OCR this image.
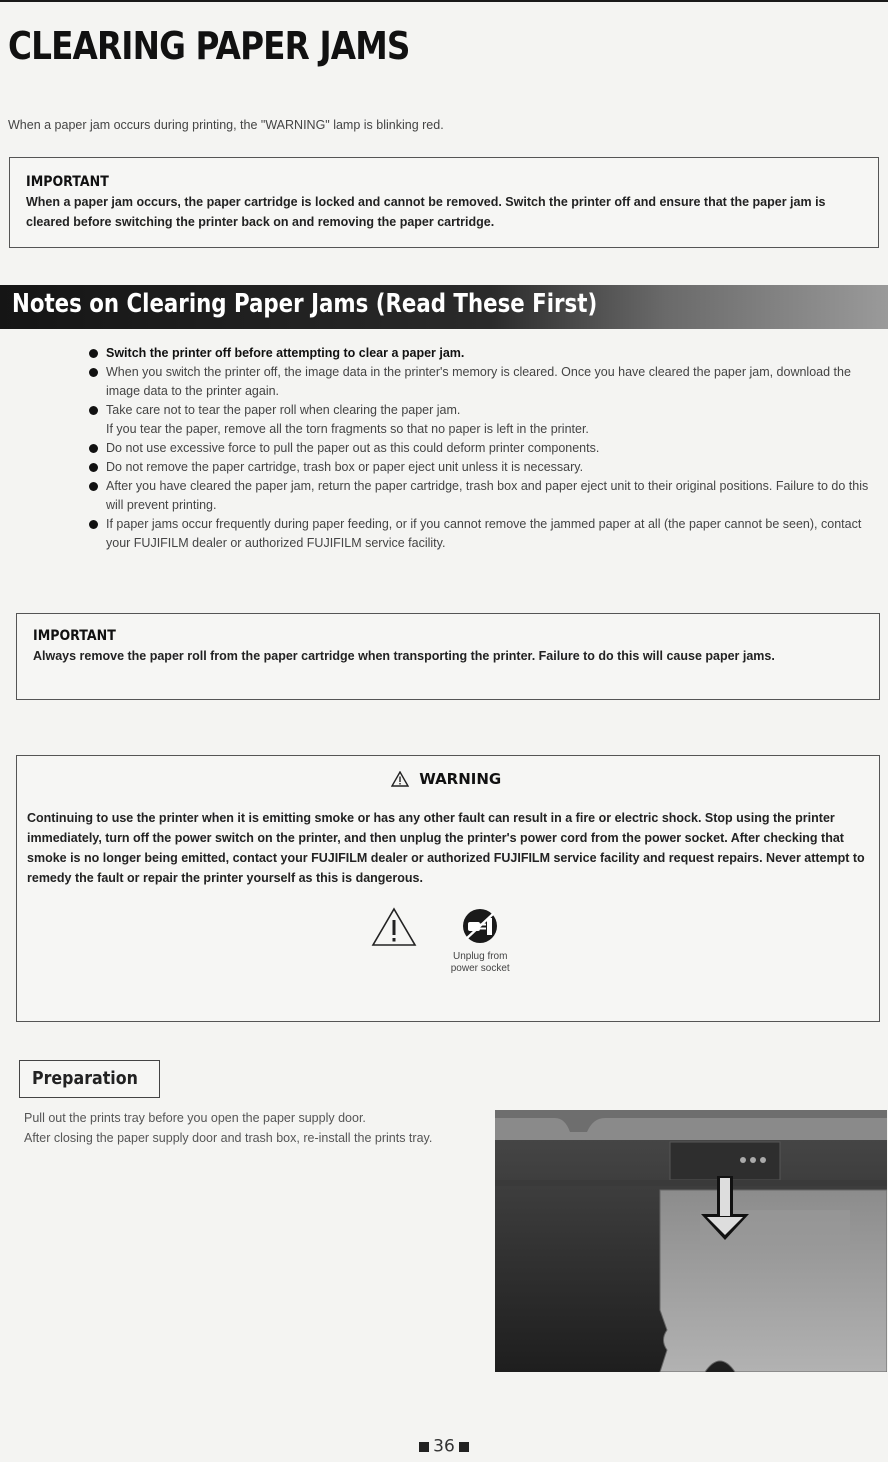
CLEARING PAPER JAMS
When a paper jam occurs during printing, the "WARNING" lamp is blinking red.
IMPORTANT
When a paper jam occurs, the paper cartridge is locked and cannot be removed. Switch the printer off and ensure that the paper jam is cleared before switching the printer back on and removing the paper cartridge.
Notes on Clearing Paper Jams (Read These First)
Switch the printer off before attempting to clear a paper jam.
When you switch the printer off, the image data in the printer's memory is cleared. Once you have cleared the paper jam, download the image data to the printer again.
Take care not to tear the paper roll when clearing the paper jam.
If you tear the paper, remove all the torn fragments so that no paper is left in the printer.
Do not use excessive force to pull the paper out as this could deform printer components.
Do not remove the paper cartridge, trash box or paper eject unit unless it is necessary.
After you have cleared the paper jam, return the paper cartridge, trash box and paper eject unit to their original positions. Failure to do this will prevent printing.
If paper jams occur frequently during paper feeding, or if you cannot remove the jammed paper at all (the paper cannot be seen), contact your FUJIFILM dealer or authorized FUJIFILM service facility.
IMPORTANT
Always remove the paper roll from the paper cartridge when transporting the printer. Failure to do this will cause paper jams.
WARNING
Continuing to use the printer when it is emitting smoke or has any other fault can result in a fire or electric shock. Stop using the printer immediately, turn off the power switch on the printer, and then unplug the printer's power cord from the power socket. After checking that smoke is no longer being emitted, contact your FUJIFILM dealer or authorized FUJIFILM service facility and request repairs. Never attempt to remedy the fault or repair the printer yourself as this is dangerous.

Unplug from
power socket
Preparation

Pull out the prints tray before you open the paper supply door.

After closing the paper supply door and trash box, re-install the prints tray.

36
